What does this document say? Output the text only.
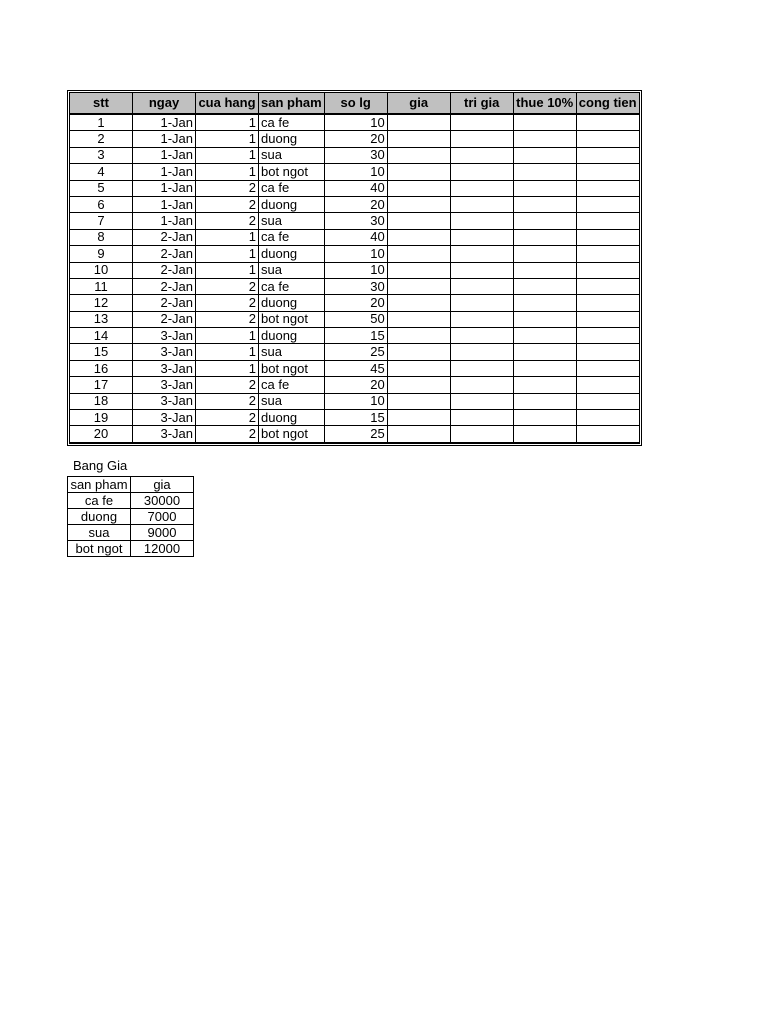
stt	ngay	cua hang	san pham	so lg	gia	tri gia	thue 10%	cong tien
1	1-Jan	1	ca fe	10				
2	1-Jan	1	duong	20				
3	1-Jan	1	sua	30				
4	1-Jan	1	bot ngot	10				
5	1-Jan	2	ca fe	40				
6	1-Jan	2	duong	20				
7	1-Jan	2	sua	30				
8	2-Jan	1	ca fe	40				
9	2-Jan	1	duong	10				
10	2-Jan	1	sua	10				
11	2-Jan	2	ca fe	30				
12	2-Jan	2	duong	20				
13	2-Jan	2	bot ngot	50				
14	3-Jan	1	duong	15				
15	3-Jan	1	sua	25				
16	3-Jan	1	bot ngot	45				
17	3-Jan	2	ca fe	20				
18	3-Jan	2	sua	10				
19	3-Jan	2	duong	15				
20	3-Jan	2	bot ngot	25				
Bang Gia
san pham	gia
ca fe	30000
duong	7000
sua	9000
bot ngot	12000
